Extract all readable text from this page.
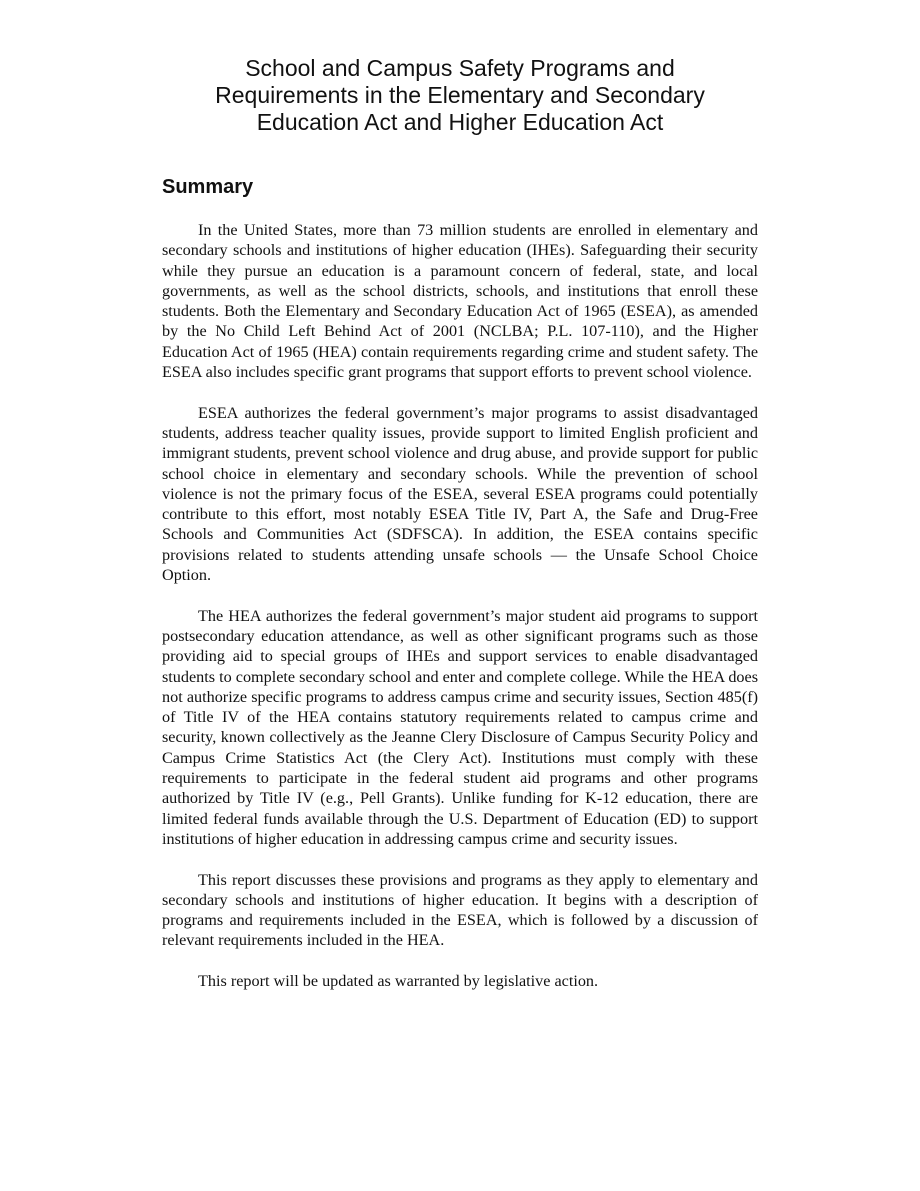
School and Campus Safety Programs and
Requirements in the Elementary and Secondary
Education Act and Higher Education Act
Summary

In the United States, more than 73 million students are enrolled in elementary and secondary schools and institutions of higher education (IHEs). Safeguarding their security while they pursue an education is a paramount concern of federal, state, and local governments, as well as the school districts, schools, and institutions that enroll these students. Both the Elementary and Secondary Education Act of 1965 (ESEA), as amended by the No Child Left Behind Act of 2001 (NCLBA; P.L. 107-110), and the Higher Education Act of 1965 (HEA) contain requirements regarding crime and student safety. The ESEA also includes specific grant programs that support efforts to prevent school violence.

ESEA authorizes the federal government’s major programs to assist disadvantaged students, address teacher quality issues, provide support to limited English proficient and immigrant students, prevent school violence and drug abuse, and provide support for public school choice in elementary and secondary schools. While the prevention of school violence is not the primary focus of the ESEA, several ESEA programs could potentially contribute to this effort, most notably ESEA Title IV, Part A, the Safe and Drug-Free Schools and Communities Act (SDFSCA). In addition, the ESEA contains specific provisions related to students attending unsafe schools — the Unsafe School Choice Option.

The HEA authorizes the federal government’s major student aid programs to support postsecondary education attendance, as well as other significant programs such as those providing aid to special groups of IHEs and support services to enable disadvantaged students to complete secondary school and enter and complete college. While the HEA does not authorize specific programs to address campus crime and security issues, Section 485(f) of Title IV of the HEA contains statutory requirements related to campus crime and security, known collectively as the Jeanne Clery Disclosure of Campus Security Policy and Campus Crime Statistics Act (the Clery Act). Institutions must comply with these requirements to participate in the federal student aid programs and other programs authorized by Title IV (e.g., Pell Grants). Unlike funding for K-12 education, there are limited federal funds available through the U.S. Department of Education (ED) to support institutions of higher education in addressing campus crime and security issues.

This report discusses these provisions and programs as they apply to elementary and secondary schools and institutions of higher education. It begins with a description of programs and requirements included in the ESEA, which is followed by a discussion of relevant requirements included in the HEA.

This report will be updated as warranted by legislative action.
